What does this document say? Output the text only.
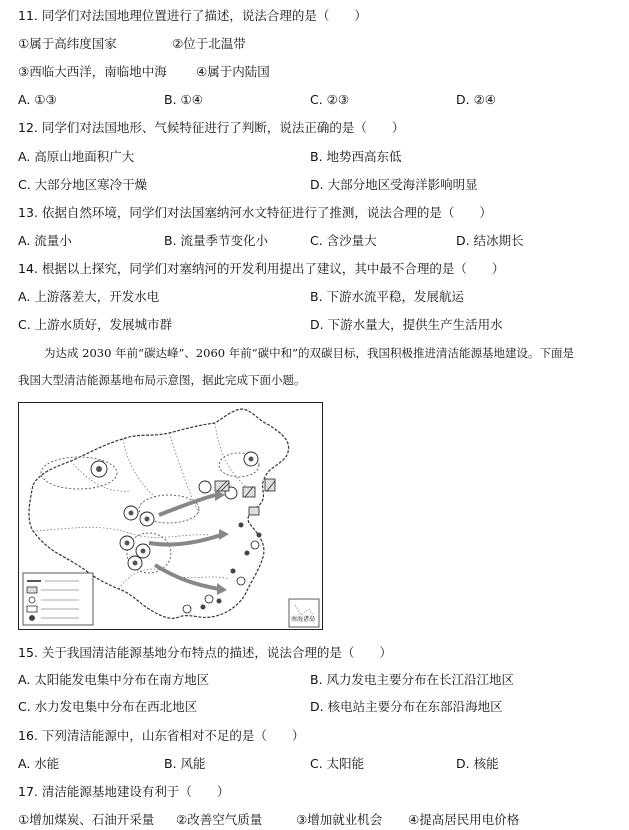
11. 同学们对法国地理位置进行了描述，说法合理的是（　　）
①属于高纬度国家	②位于北温带
③西临大西洋，南临地中海 ④属于内陆国
A. ①③	B. ①④	C. ②③	D. ②④
12. 同学们对法国地形、气候特征进行了判断，说法正确的是（　　）
A. 高原山地面积广大	B. 地势西高东低
C. 大部分地区寒冷干燥	D. 大部分地区受海洋影响明显
13. 依据自然环境，同学们对法国塞纳河水文特征进行了推测，说法合理的是（　　）
A. 流量小	B. 流量季节变化小	C. 含沙量大	D. 结冰期长
14. 根据以上探究，同学们对塞纳河的开发利用提出了建议，其中最不合理的是（　　）
A. 上游落差大，开发水电	B. 下游水流平稳，发展航运
C. 上游水质好，发展城市群	D. 下游水量大，提供生产生活用水
为达成 2030 年前“碳达峰”、2060 年前“碳中和”的双碳目标，我国积极推进清洁能源基地建设。下面是
我国大型清洁能源基地布局示意图，据此完成下面小题。
南海诸岛
15. 关于我国清洁能源基地分布特点的描述，说法合理的是（　　）
A. 太阳能发电集中分布在南方地区	B. 风力发电主要分布在长江沿江地区
C. 水力发电集中分布在西北地区	D. 核电站主要分布在东部沿海地区
16. 下列清洁能源中，山东省相对不足的是（　　）
A. 水能	B. 风能	C. 太阳能	D. 核能
17. 清洁能源基地建设有利于（　　）
①增加煤炭、石油开采量 ②改善空气质量	③增加就业机会 ④提高居民用电价格
